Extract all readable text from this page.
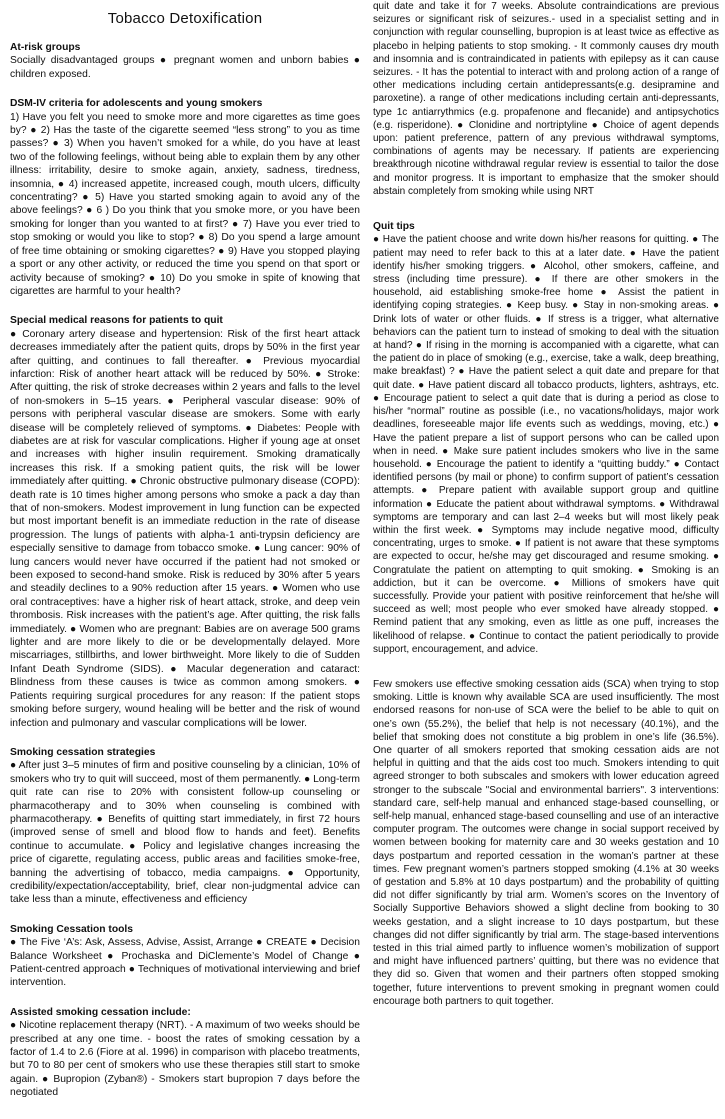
Tobacco Detoxification
At-risk groups

Socially disadvantaged groups ● pregnant women and unborn babies ● children exposed.

DSM-IV criteria for adolescents and young smokers

1) Have you felt you need to smoke more and more cigarettes as time goes by? ● 2) Has the taste of the cigarette seemed “less strong” to you as time passes? ● 3) When you haven’t smoked for a while, do you have at least two of the following feelings, without being able to explain them by any other illness: irritability, desire to smoke again, anxiety, sadness, tiredness, insomnia, ● 4) increased appetite, increased cough, mouth ulcers, difficulty concentrating? ● 5) Have you started smoking again to avoid any of the above feelings? ● 6 ) Do you think that you smoke more, or you have been smoking for longer than you wanted to at first? ● 7) Have you ever tried to stop smoking or would you like to stop? ● 8) Do you spend a large amount of free time obtaining or smoking cigarettes? ● 9) Have you stopped playing a sport or any other activity, or reduced the time you spend on that sport or activity because of smoking? ● 10) Do you smoke in spite of knowing that cigarettes are harmful to your health?

Special medical reasons for patients to quit

● Coronary artery disease and hypertension: Risk of the first heart attack decreases immediately after the patient quits, drops by 50% in the first year after quitting, and continues to fall thereafter. ● Previous myocardial infarction: Risk of another heart attack will be reduced by 50%. ● Stroke: After quitting, the risk of stroke decreases within 2 years and falls to the level of non-smokers in 5–15 years. ● Peripheral vascular disease: 90% of persons with peripheral vascular disease are smokers. Some with early disease will be completely relieved of symptoms. ● Diabetes: People with diabetes are at risk for vascular complications. Higher if young age at onset and increases with higher insulin requirement. Smoking dramatically increases this risk. If a smoking patient quits, the risk will be lower immediately after quitting. ● Chronic obstructive pulmonary disease (COPD): death rate is 10 times higher among persons who smoke a pack a day than that of non-smokers. Modest improvement in lung function can be expected but most important benefit is an immediate reduction in the rate of disease progression. The lungs of patients with alpha-1 anti-trypsin deficiency are especially sensitive to damage from tobacco smoke. ● Lung cancer: 90% of lung cancers would never have occurred if the patient had not smoked or been exposed to second-hand smoke. Risk is reduced by 30% after 5 years and steadily declines to a 90% reduction after 15 years. ● Women who use oral contraceptives: have a higher risk of heart attack, stroke, and deep vein thrombosis. Risk increases with the patient’s age. After quitting, the risk falls immediately. ● Women who are pregnant: Babies are on average 500 grams lighter and are more likely to die or be developmentally delayed. More miscarriages, stillbirths, and lower birthweight. More likely to die of Sudden Infant Death Syndrome (SIDS). ● Macular degeneration and cataract: Blindness from these causes is twice as common among smokers. ● Patients requiring surgical procedures for any reason: If the patient stops smoking before surgery, wound healing will be better and the risk of wound infection and pulmonary and vascular complications will be lower.

Smoking cessation strategies

● After just 3–5 minutes of firm and positive counseling by a clinician, 10% of smokers who try to quit will succeed, most of them permanently. ● Long-term quit rate can rise to 20% with consistent follow-up counseling or pharmacotherapy and to 30% when counseling is combined with pharmacotherapy. ● Benefits of quitting start immediately, in first 72 hours (improved sense of smell and blood flow to hands and feet). Benefits continue to accumulate. ● Policy and legislative changes increasing the price of cigarette, regulating access, public areas and facilities smoke-free, banning the advertising of tobacco, media campaigns. ● Opportunity, credibility/expectation/acceptability, brief, clear non-judgmental advice can take less than a minute, effectiveness and efficiency

Smoking Cessation tools

● The Five ‘A’s: Ask, Assess, Advise, Assist, Arrange ● CREATE ● Decision Balance Worksheet ● Prochaska and DiClemente’s Model of Change ● Patient-centred approach ● Techniques of motivational interviewing and brief intervention.

Assisted smoking cessation include:

● Nicotine replacement therapy (NRT). - A maximum of two weeks should be prescribed at any one time. - boost the rates of smoking cessation by a factor of 1.4 to 2.6 (Fiore at al. 1996) in comparison with placebo treatments, but 70 to 80 per cent of smokers who use these therapies still start to smoke again. ● Bupropion (Zyban®) - Smokers start bupropion 7 days before the negotiated

quit date and take it for 7 weeks. Absolute contraindications are previous seizures or significant risk of seizures.- used in a specialist setting and in conjunction with regular counselling, bupropion is at least twice as effective as placebo in helping patients to stop smoking. - It commonly causes dry mouth and insomnia and is contraindicated in patients with epilepsy as it can cause seizures. - It has the potential to interact with and prolong action of a range of other medications including certain antidepressants(e.g. desipramine and paroxetine). a range of other medications including certain anti-depressants, type 1c antiarrythmics (e.g. propafenone and flecanide) and antipsychotics (e.g. risperidone). ● Clonidine and nortriptyline ● Choice of agent depends upon: patient preference, pattern of any previous withdrawal symptoms, combinations of agents may be necessary. If patients are experiencing breakthrough nicotine withdrawal regular review is essential to tailor the dose and monitor progress. It is important to emphasize that the smoker should abstain completely from smoking while using NRT

Quit tips

● Have the patient choose and write down his/her reasons for quitting. ● The patient may need to refer back to this at a later date. ● Have the patient identify his/her smoking triggers. ● Alcohol, other smokers, caffeine, and stress (including time pressure). ● If there are other smokers in the household, aid establishing smoke-free home ● Assist the patient in identifying coping strategies. ● Keep busy. ● Stay in non-smoking areas. ● Drink lots of water or other fluids. ● If stress is a trigger, what alternative behaviors can the patient turn to instead of smoking to deal with the situation at hand? ● If rising in the morning is accompanied with a cigarette, what can the patient do in place of smoking (e.g., exercise, take a walk, deep breathing, make breakfast) ? ● Have the patient select a quit date and prepare for that quit date. ● Have patient discard all tobacco products, lighters, ashtrays, etc. ● Encourage patient to select a quit date that is during a period as close to his/her “normal” routine as possible (i.e., no vacations/holidays, major work deadlines, foreseeable major life events such as weddings, moving, etc.) ● Have the patient prepare a list of support persons who can be called upon when in need. ● Make sure patient includes smokers who live in the same household. ● Encourage the patient to identify a “quitting buddy.” ● Contact identified persons (by mail or phone) to confirm support of patient’s cessation attempts. ● Prepare patient with available support group and quitline information ● Educate the patient about withdrawal symptoms. ● Withdrawal symptoms are temporary and can last 2–4 weeks but will most likely peak within the first week. ● Symptoms may include negative mood, difficulty concentrating, urges to smoke. ● If patient is not aware that these symptoms are expected to occur, he/she may get discouraged and resume smoking. ● Congratulate the patient on attempting to quit smoking. ● Smoking is an addiction, but it can be overcome. ● Millions of smokers have quit successfully. Provide your patient with positive reinforcement that he/she will succeed as well; most people who ever smoked have already stopped. ● Remind patient that any smoking, even as little as one puff, increases the likelihood of relapse. ● Continue to contact the patient periodically to provide support, encouragement, and advice.

Few smokers use effective smoking cessation aids (SCA) when trying to stop smoking. Little is known why available SCA are used insufficiently. The most endorsed reasons for non-use of SCA were the belief to be able to quit on one’s own (55.2%), the belief that help is not necessary (40.1%), and the belief that smoking does not constitute a big problem in one’s life (36.5%). One quarter of all smokers reported that smoking cessation aids are not helpful in quitting and that the aids cost too much. Smokers intending to quit agreed stronger to both subscales and smokers with lower education agreed stronger to the subscale "Social and environmental barriers". 3 interventions: standard care, self-help manual and enhanced stage-based counselling, or self-help manual, enhanced stage-based counselling and use of an interactive computer program. The outcomes were change in social support received by women between booking for maternity care and 30 weeks gestation and 10 days postpartum and reported cessation in the woman’s partner at these times. Few pregnant women’s partners stopped smoking (4.1% at 30 weeks of gestation and 5.8% at 10 days postpartum) and the probability of quitting did not differ significantly by trial arm. Women’s scores on the Inventory of Socially Supportive Behaviors showed a slight decline from booking to 30 weeks gestation, and a slight increase to 10 days postpartum, but these changes did not differ significantly by trial arm. The stage-based interventions tested in this trial aimed partly to influence women’s mobilization of support and might have influenced partners’ quitting, but there was no evidence that they did so. Given that women and their partners often stopped smoking together, future interventions to prevent smoking in pregnant women could encourage both partners to quit together.
